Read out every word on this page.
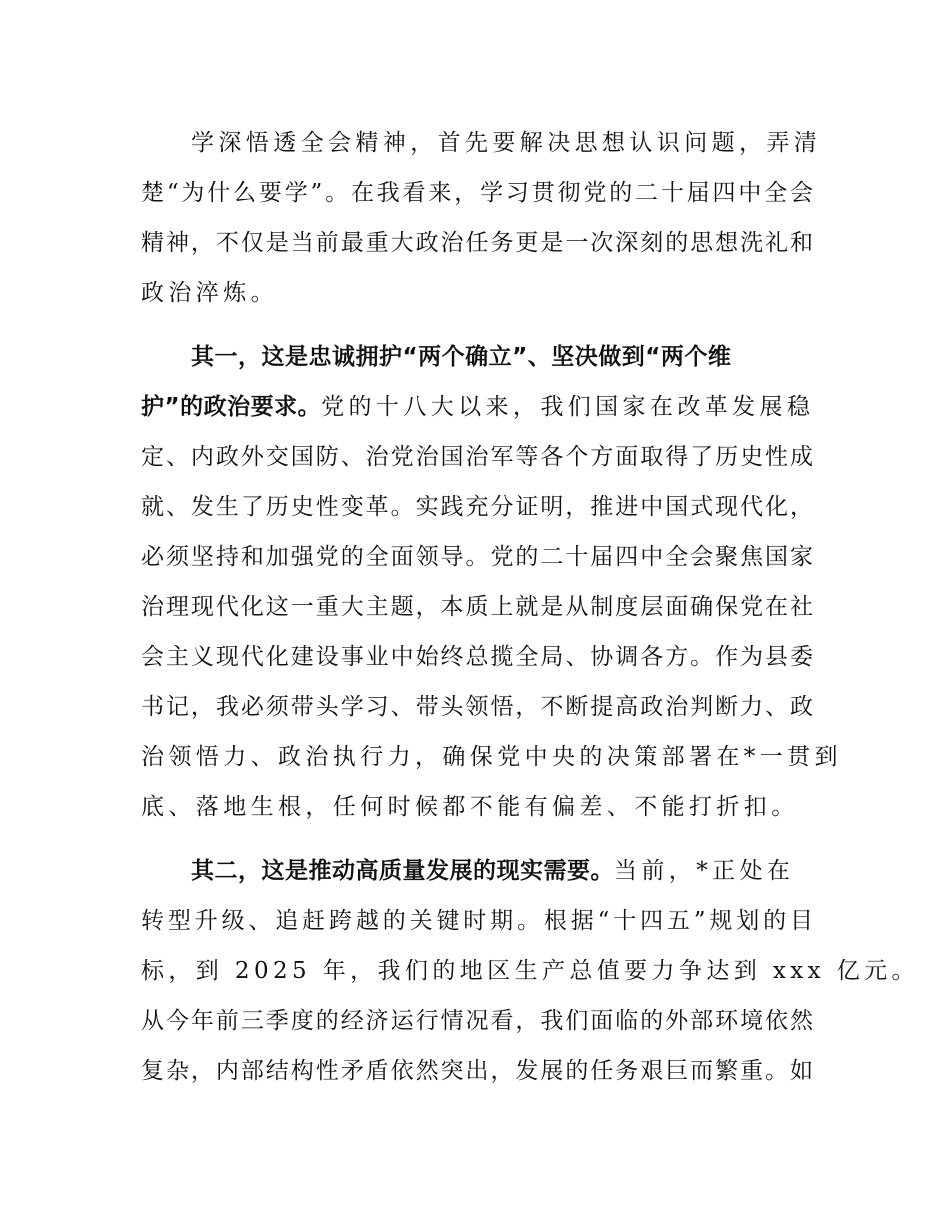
学深悟透全会精神，首先要解决思想认识问题，弄清
楚“为什么要学”。在我看来，学习贯彻党的二十届四中全会
精神，不仅是当前最重大政治任务更是一次深刻的思想洗礼和
政治淬炼。
其一，这是忠诚拥护“两个确立”、坚决做到“两个维
护”的政治要求。党的十八大以来，我们国家在改革发展稳
定、内政外交国防、治党治国治军等各个方面取得了历史性成
就、发生了历史性变革。实践充分证明，推进中国式现代化，
必须坚持和加强党的全面领导。党的二十届四中全会聚焦国家
治理现代化这一重大主题，本质上就是从制度层面确保党在社
会主义现代化建设事业中始终总揽全局、协调各方。作为县委
书记，我必须带头学习、带头领悟，不断提高政治判断力、政
治领悟力、政治执行力，确保党中央的决策部署在*一贯到
底、落地生根，任何时候都不能有偏差、不能打折扣。
其二，这是推动高质量发展的现实需要。当前，*正处在
转型升级、追赶跨越的关键时期。根据“十四五”规划的目
标，到 2025 年，我们的地区生产总值要力争达到 xxx 亿元。
从今年前三季度的经济运行情况看，我们面临的外部环境依然
复杂，内部结构性矛盾依然突出，发展的任务艰巨而繁重。如
